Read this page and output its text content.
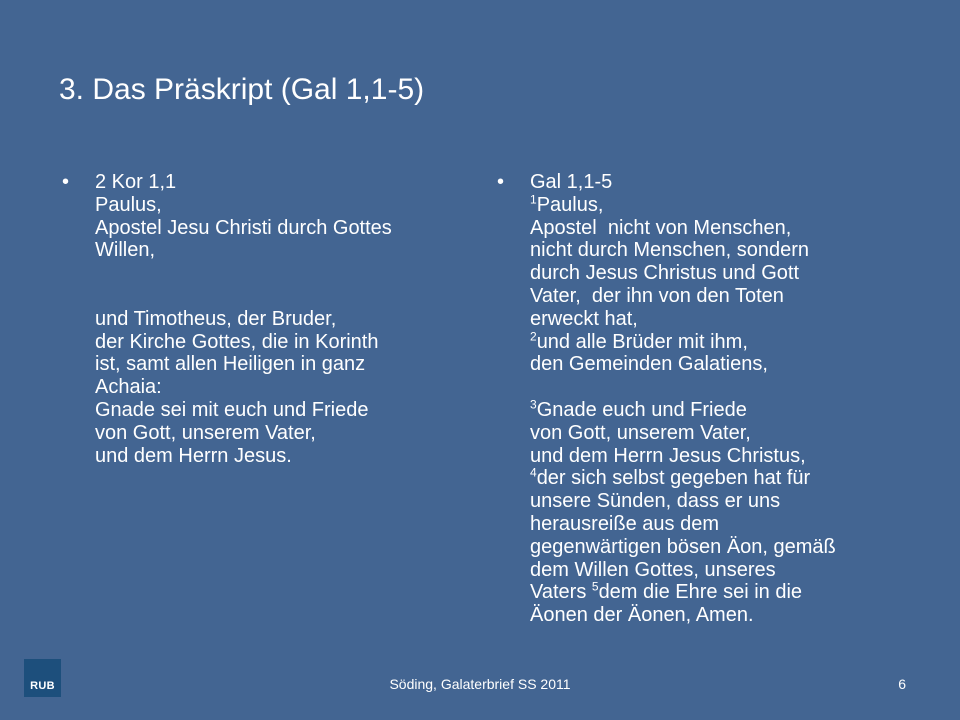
3. Das Präskript (Gal 1,1-5)
•	2 Kor 1,1
Paulus,
Apostel Jesu Christi durch Gottes
Willen,
und Timotheus, der Bruder,
der Kirche Gottes, die in Korinth
ist, samt allen Heiligen in ganz
Achaia:
Gnade sei mit euch und Friede
von Gott, unserem Vater,
und dem Herrn Jesus.
•	Gal 1,1-5
$^1$Paulus,
Apostel  nicht von Menschen,
nicht durch Menschen, sondern
durch Jesus Christus und Gott
Vater,  der ihn von den Toten
erweckt hat,
$^2$und alle Brüder mit ihm,
den Gemeinden Galatiens,
$^3$Gnade euch und Friede
von Gott, unserem Vater,
und dem Herrn Jesus Christus,
$^4$der sich selbst gegeben hat für
unsere Sünden, dass er uns
herausreiße aus dem
gegenwärtigen bösen Äon, gemäß
dem Willen Gottes, unseres
Vaters $^5$dem die Ehre sei in die
Äonen der Äonen, Amen.
RUB	Söding, Galaterbrief SS 2011	6
